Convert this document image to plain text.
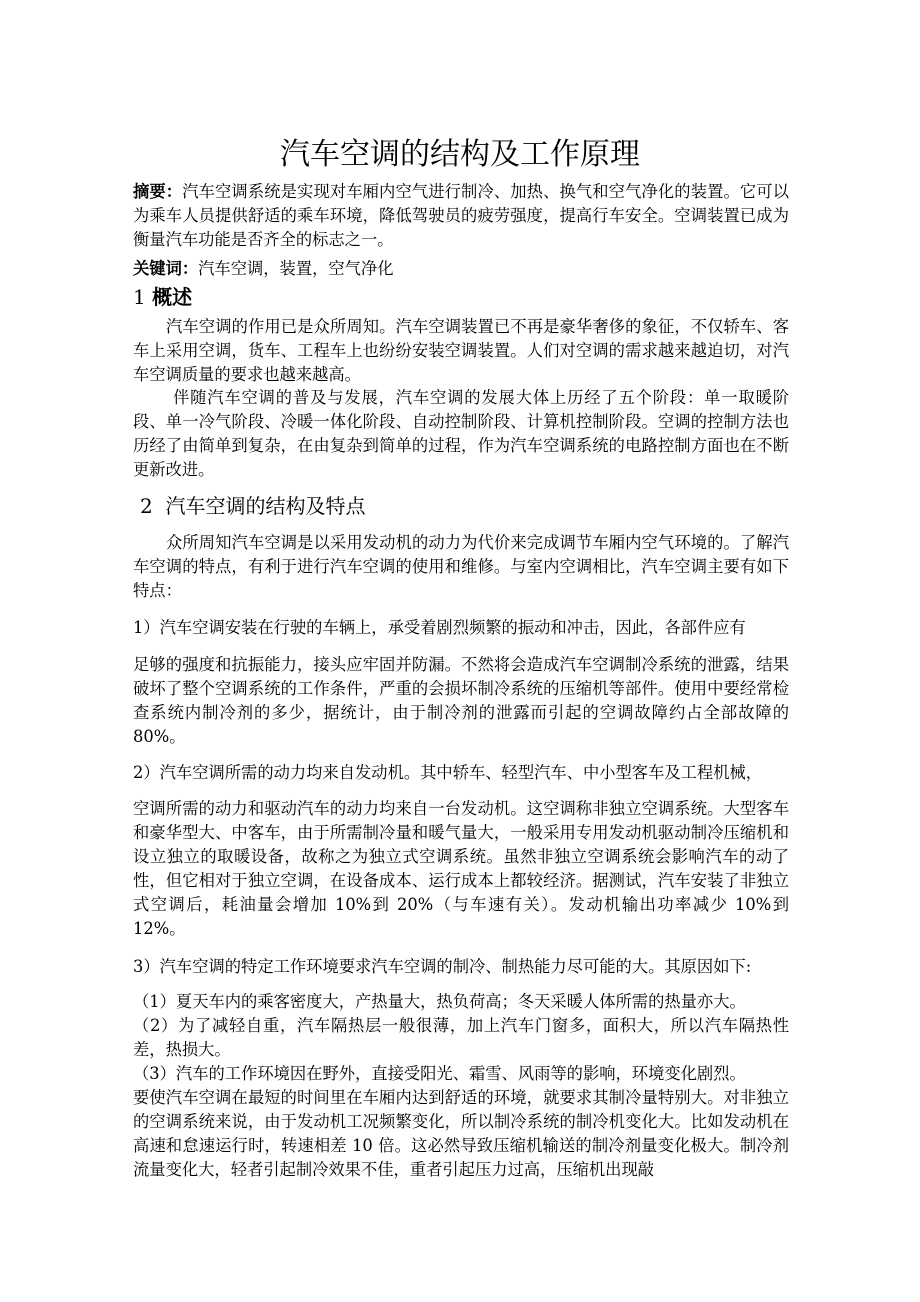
汽车空调的结构及工作原理

摘要：汽车空调系统是实现对车厢内空气进行制冷、加热、换气和空气净化的装置。它可以为乘车人员提供舒适的乘车环境，降低驾驶员的疲劳强度，提高行车安全。空调装置已成为衡量汽车功能是否齐全的标志之一。

关键词：汽车空调，装置，空气净化

1 概述

汽车空调的作用已是众所周知。汽车空调装置已不再是豪华奢侈的象征，不仅轿车、客车上采用空调，货车、工程车上也纷纷安装空调装置。人们对空调的需求越来越迫切，对汽车空调质量的要求也越来越高。

伴随汽车空调的普及与发展，汽车空调的发展大体上历经了五个阶段：单一取暖阶段、单一冷气阶段、冷暖一体化阶段、自动控制阶段、计算机控制阶段。空调的控制方法也历经了由简单到复杂，在由复杂到简单的过程，作为汽车空调系统的电路控制方面也在不断更新改进。

2 汽车空调的结构及特点

众所周知汽车空调是以采用发动机的动力为代价来完成调节车厢内空气环境的。了解汽车空调的特点，有利于进行汽车空调的使用和维修。与室内空调相比，汽车空调主要有如下特点：

1）汽车空调安装在行驶的车辆上，承受着剧烈频繁的振动和冲击，因此，各部件应有

足够的强度和抗振能力，接头应牢固并防漏。不然将会造成汽车空调制冷系统的泄露，结果破坏了整个空调系统的工作条件，严重的会损坏制冷系统的压缩机等部件。使用中要经常检查系统内制冷剂的多少，据统计，由于制冷剂的泄露而引起的空调故障约占全部故障的 80%。

2）汽车空调所需的动力均来自发动机。其中轿车、轻型汽车、中小型客车及工程机械，

空调所需的动力和驱动汽车的动力均来自一台发动机。这空调称非独立空调系统。大型客车和豪华型大、中客车，由于所需制冷量和暖气量大，一般采用专用发动机驱动制冷压缩机和设立独立的取暖设备，故称之为独立式空调系统。虽然非独立空调系统会影响汽车的动了性，但它相对于独立空调，在设备成本、运行成本上都较经济。据测试，汽车安装了非独立式空调后，耗油量会增加 10%到 20%（与车速有关）。发动机输出功率减少 10%到 12%。

3）汽车空调的特定工作环境要求汽车空调的制冷、制热能力尽可能的大。其原因如下:

（1）夏天车内的乘客密度大，产热量大，热负荷高；冬天采暖人体所需的热量亦大。

（2）为了减轻自重，汽车隔热层一般很薄，加上汽车门窗多，面积大，所以汽车隔热性差，热损大。

（3）汽车的工作环境因在野外，直接受阳光、霜雪、风雨等的影响，环境变化剧烈。

要使汽车空调在最短的时间里在车厢内达到舒适的环境，就要求其制冷量特别大。对非独立的空调系统来说，由于发动机工况频繁变化，所以制冷系统的制冷机变化大。比如发动机在高速和怠速运行时，转速相差 10 倍。这必然导致压缩机输送的制冷剂量变化极大。制冷剂流量变化大，轻者引起制冷效果不佳，重者引起压力过高，压缩机出现敲
